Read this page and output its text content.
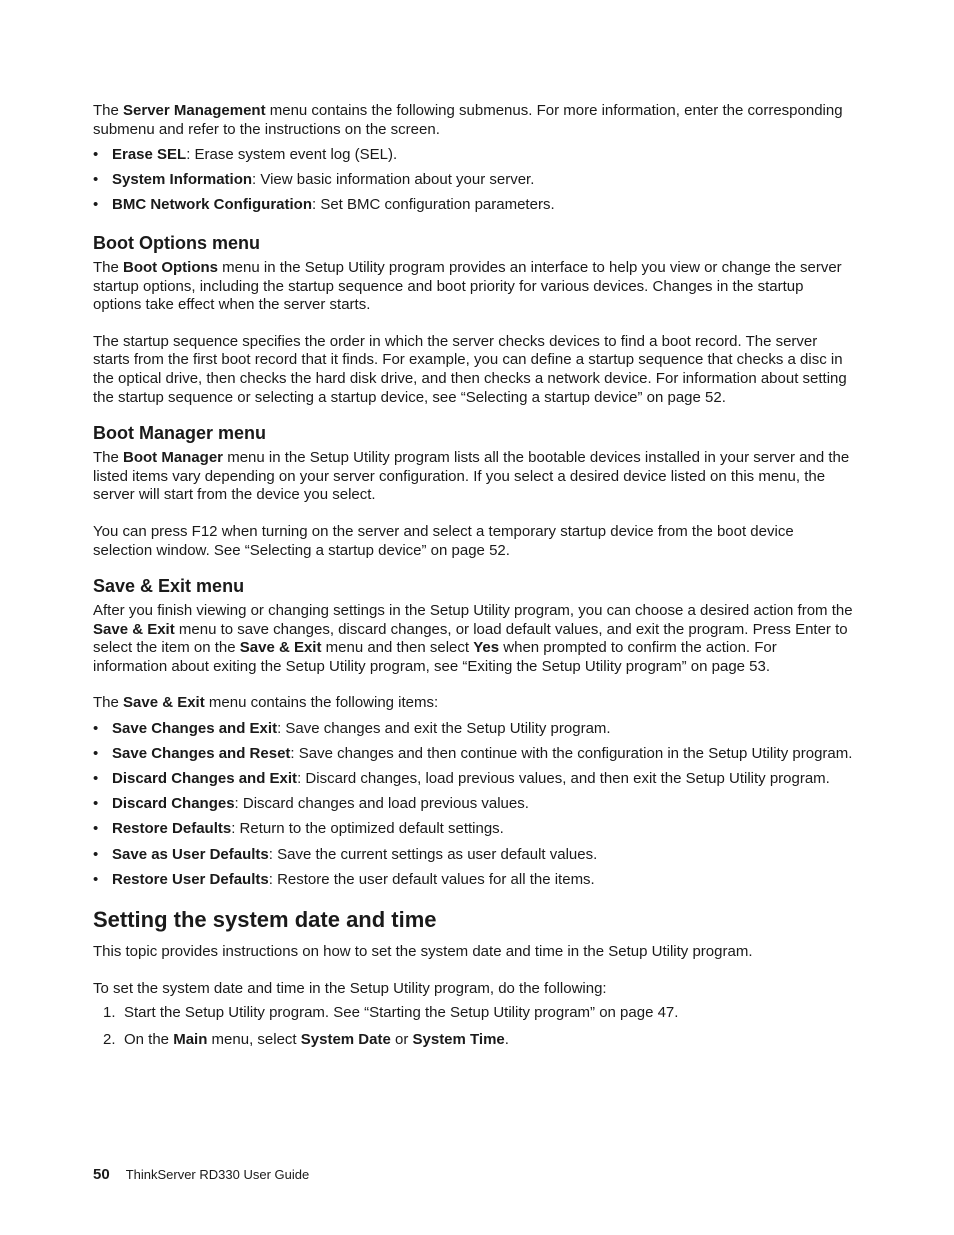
The Server Management menu contains the following submenus. For more information, enter the corresponding submenu and refer to the instructions on the screen.

• Erase SEL: Erase system event log (SEL).
• System Information: View basic information about your server.
• BMC Network Configuration: Set BMC configuration parameters.
Boot Options menu

The Boot Options menu in the Setup Utility program provides an interface to help you view or change the server startup options, including the startup sequence and boot priority for various devices. Changes in the startup options take effect when the server starts.

The startup sequence specifies the order in which the server checks devices to find a boot record. The server starts from the first boot record that it finds. For example, you can define a startup sequence that checks a disc in the optical drive, then checks the hard disk drive, and then checks a network device. For information about setting the startup sequence or selecting a startup device, see “Selecting a startup device” on page 52.

Boot Manager menu

The Boot Manager menu in the Setup Utility program lists all the bootable devices installed in your server and the listed items vary depending on your server configuration. If you select a desired device listed on this menu, the server will start from the device you select.

You can press F12 when turning on the server and select a temporary startup device from the boot device selection window. See “Selecting a startup device” on page 52.

Save & Exit menu

After you finish viewing or changing settings in the Setup Utility program, you can choose a desired action from the Save & Exit menu to save changes, discard changes, or load default values, and exit the program. Press Enter to select the item on the Save & Exit menu and then select Yes when prompted to confirm the action. For information about exiting the Setup Utility program, see “Exiting the Setup Utility program” on page 53.

The Save & Exit menu contains the following items:

• Save Changes and Exit: Save changes and exit the Setup Utility program.
• Save Changes and Reset: Save changes and then continue with the configuration in the Setup Utility program.
• Discard Changes and Exit: Discard changes, load previous values, and then exit the Setup Utility program.
• Discard Changes: Discard changes and load previous values.
• Restore Defaults: Return to the optimized default settings.
• Save as User Defaults: Save the current settings as user default values.
• Restore User Defaults: Restore the user default values for all the items.
Setting the system date and time

This topic provides instructions on how to set the system date and time in the Setup Utility program.

To set the system date and time in the Setup Utility program, do the following:

1. Start the Setup Utility program. See “Starting the Setup Utility program” on page 47.
2. On the Main menu, select System Date or System Time.
50 ThinkServer RD330 User Guide
